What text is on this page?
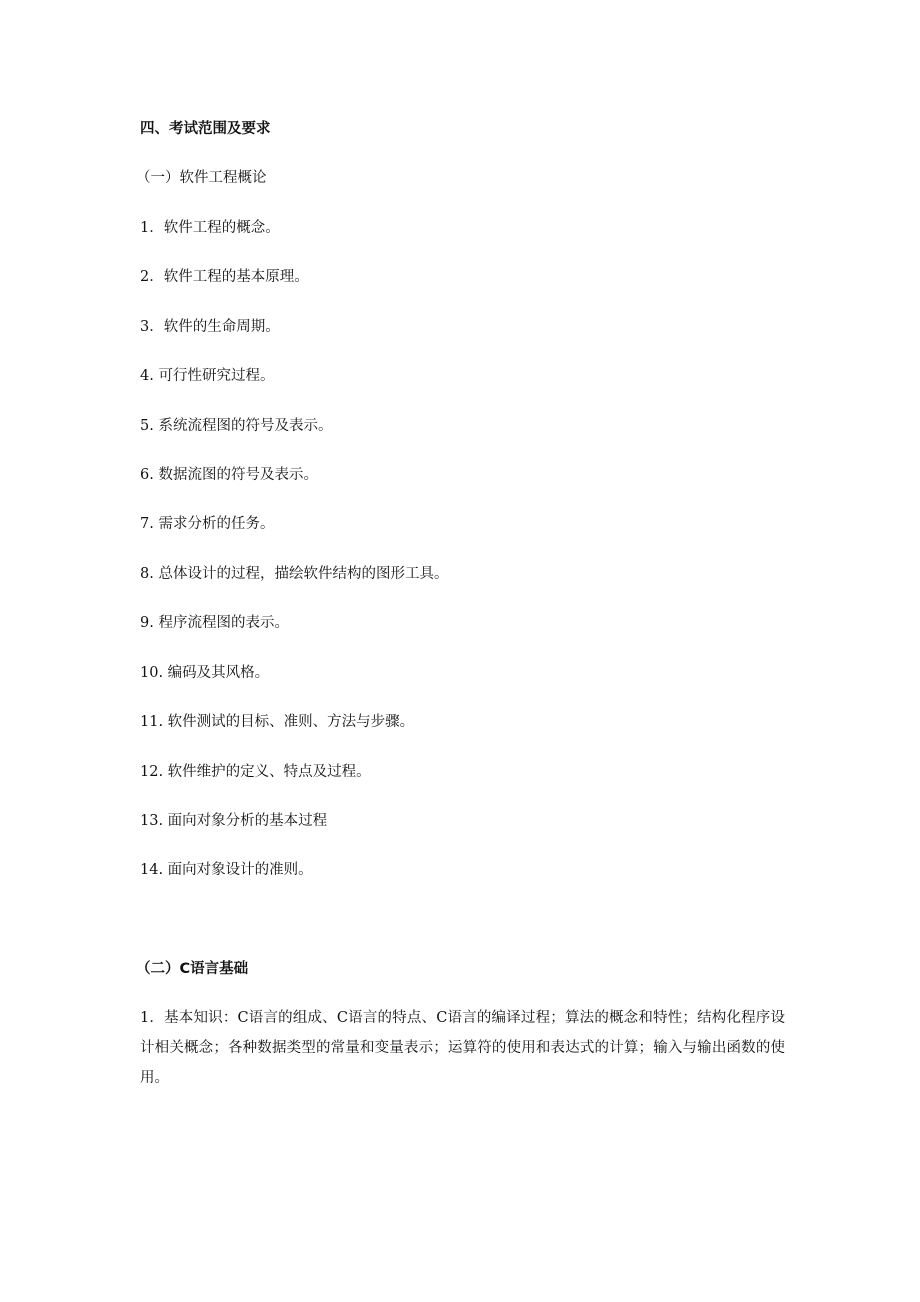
四、考试范围及要求
（一）软件工程概论
1．软件工程的概念。
2．软件工程的基本原理。
3．软件的生命周期。
4. 可行性研究过程。
5. 系统流程图的符号及表示。
6. 数据流图的符号及表示。
7. 需求分析的任务。
8. 总体设计的过程，描绘软件结构的图形工具。
9. 程序流程图的表示。
10. 编码及其风格。
11. 软件测试的目标、准则、方法与步骤。
12. 软件维护的定义、特点及过程。
13. 面向对象分析的基本过程
14. 面向对象设计的准则。
（二）C语言基础
1．基本知识：C语言的组成、C语言的特点、C语言的编译过程；算法的概念和特性；结构化程序设计相关概念；各种数据类型的常量和变量表示；运算符的使用和表达式的计算；输入与输出函数的使用。
